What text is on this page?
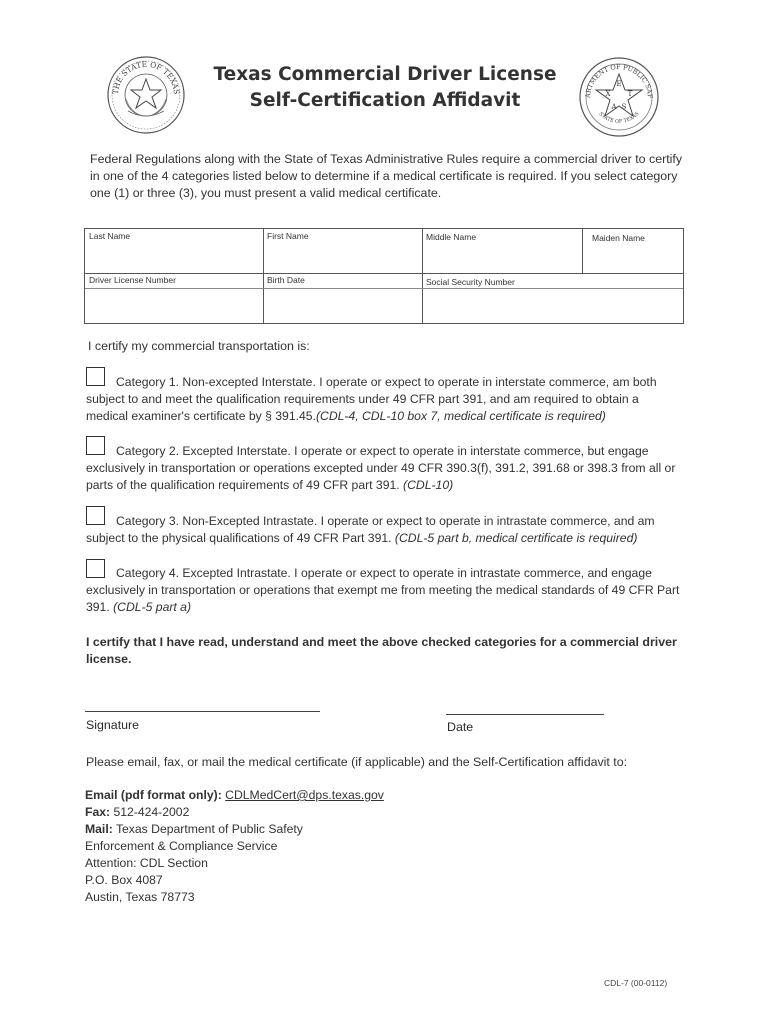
THE STATE OF TEXAS
Texas Commercial Driver License
Self-Certification Affidavit	ARTMENT OF PUBLIC SAF
STATE OF TEXAS
E
X T
A S
Federal Regulations along with the State of Texas Administrative Rules require a commercial driver to certify in one of the 4 categories listed below to determine if a medical certificate is required. If you select category one (1) or three (3), you must present a valid medical certificate.
Last Name	First Name	Middle Name	Maiden Name
Driver License Number	Birth Date	Social Security Number
I certify my commercial transportation is:
Category 1. Non-excepted Interstate. I operate or expect to operate in interstate commerce, am both subject to and meet the qualification requirements under 49 CFR part 391, and am required to obtain a medical examiner's certificate by § 391.45.(CDL-4, CDL-10 box 7, medical certificate is required)
Category 2. Excepted Interstate. I operate or expect to operate in interstate commerce, but engage exclusively in transportation or operations excepted under 49 CFR 390.3(f), 391.2, 391.68 or 398.3 from all or parts of the qualification requirements of 49 CFR part 391. (CDL-10)
Category 3. Non-Excepted Intrastate. I operate or expect to operate in intrastate commerce, and am subject to the physical qualifications of 49 CFR Part 391. (CDL-5 part b, medical certificate is required)
Category 4. Excepted Intrastate. I operate or expect to operate in intrastate commerce, and engage exclusively in transportation or operations that exempt me from meeting the medical standards of 49 CFR Part 391. (CDL-5 part a)
I certify that I have read, understand and meet the above checked categories for a commercial driver license.
Signature	Date
Please email, fax, or mail the medical certificate (if applicable) and the Self-Certification affidavit to:
Email (pdf format only): CDLMedCert@dps.texas.gov
Fax: 512-424-2002
Mail: Texas Department of Public Safety
Enforcement & Compliance Service
Attention: CDL Section
P.O. Box 4087
Austin, Texas 78773
CDL-7 (00-0112)
